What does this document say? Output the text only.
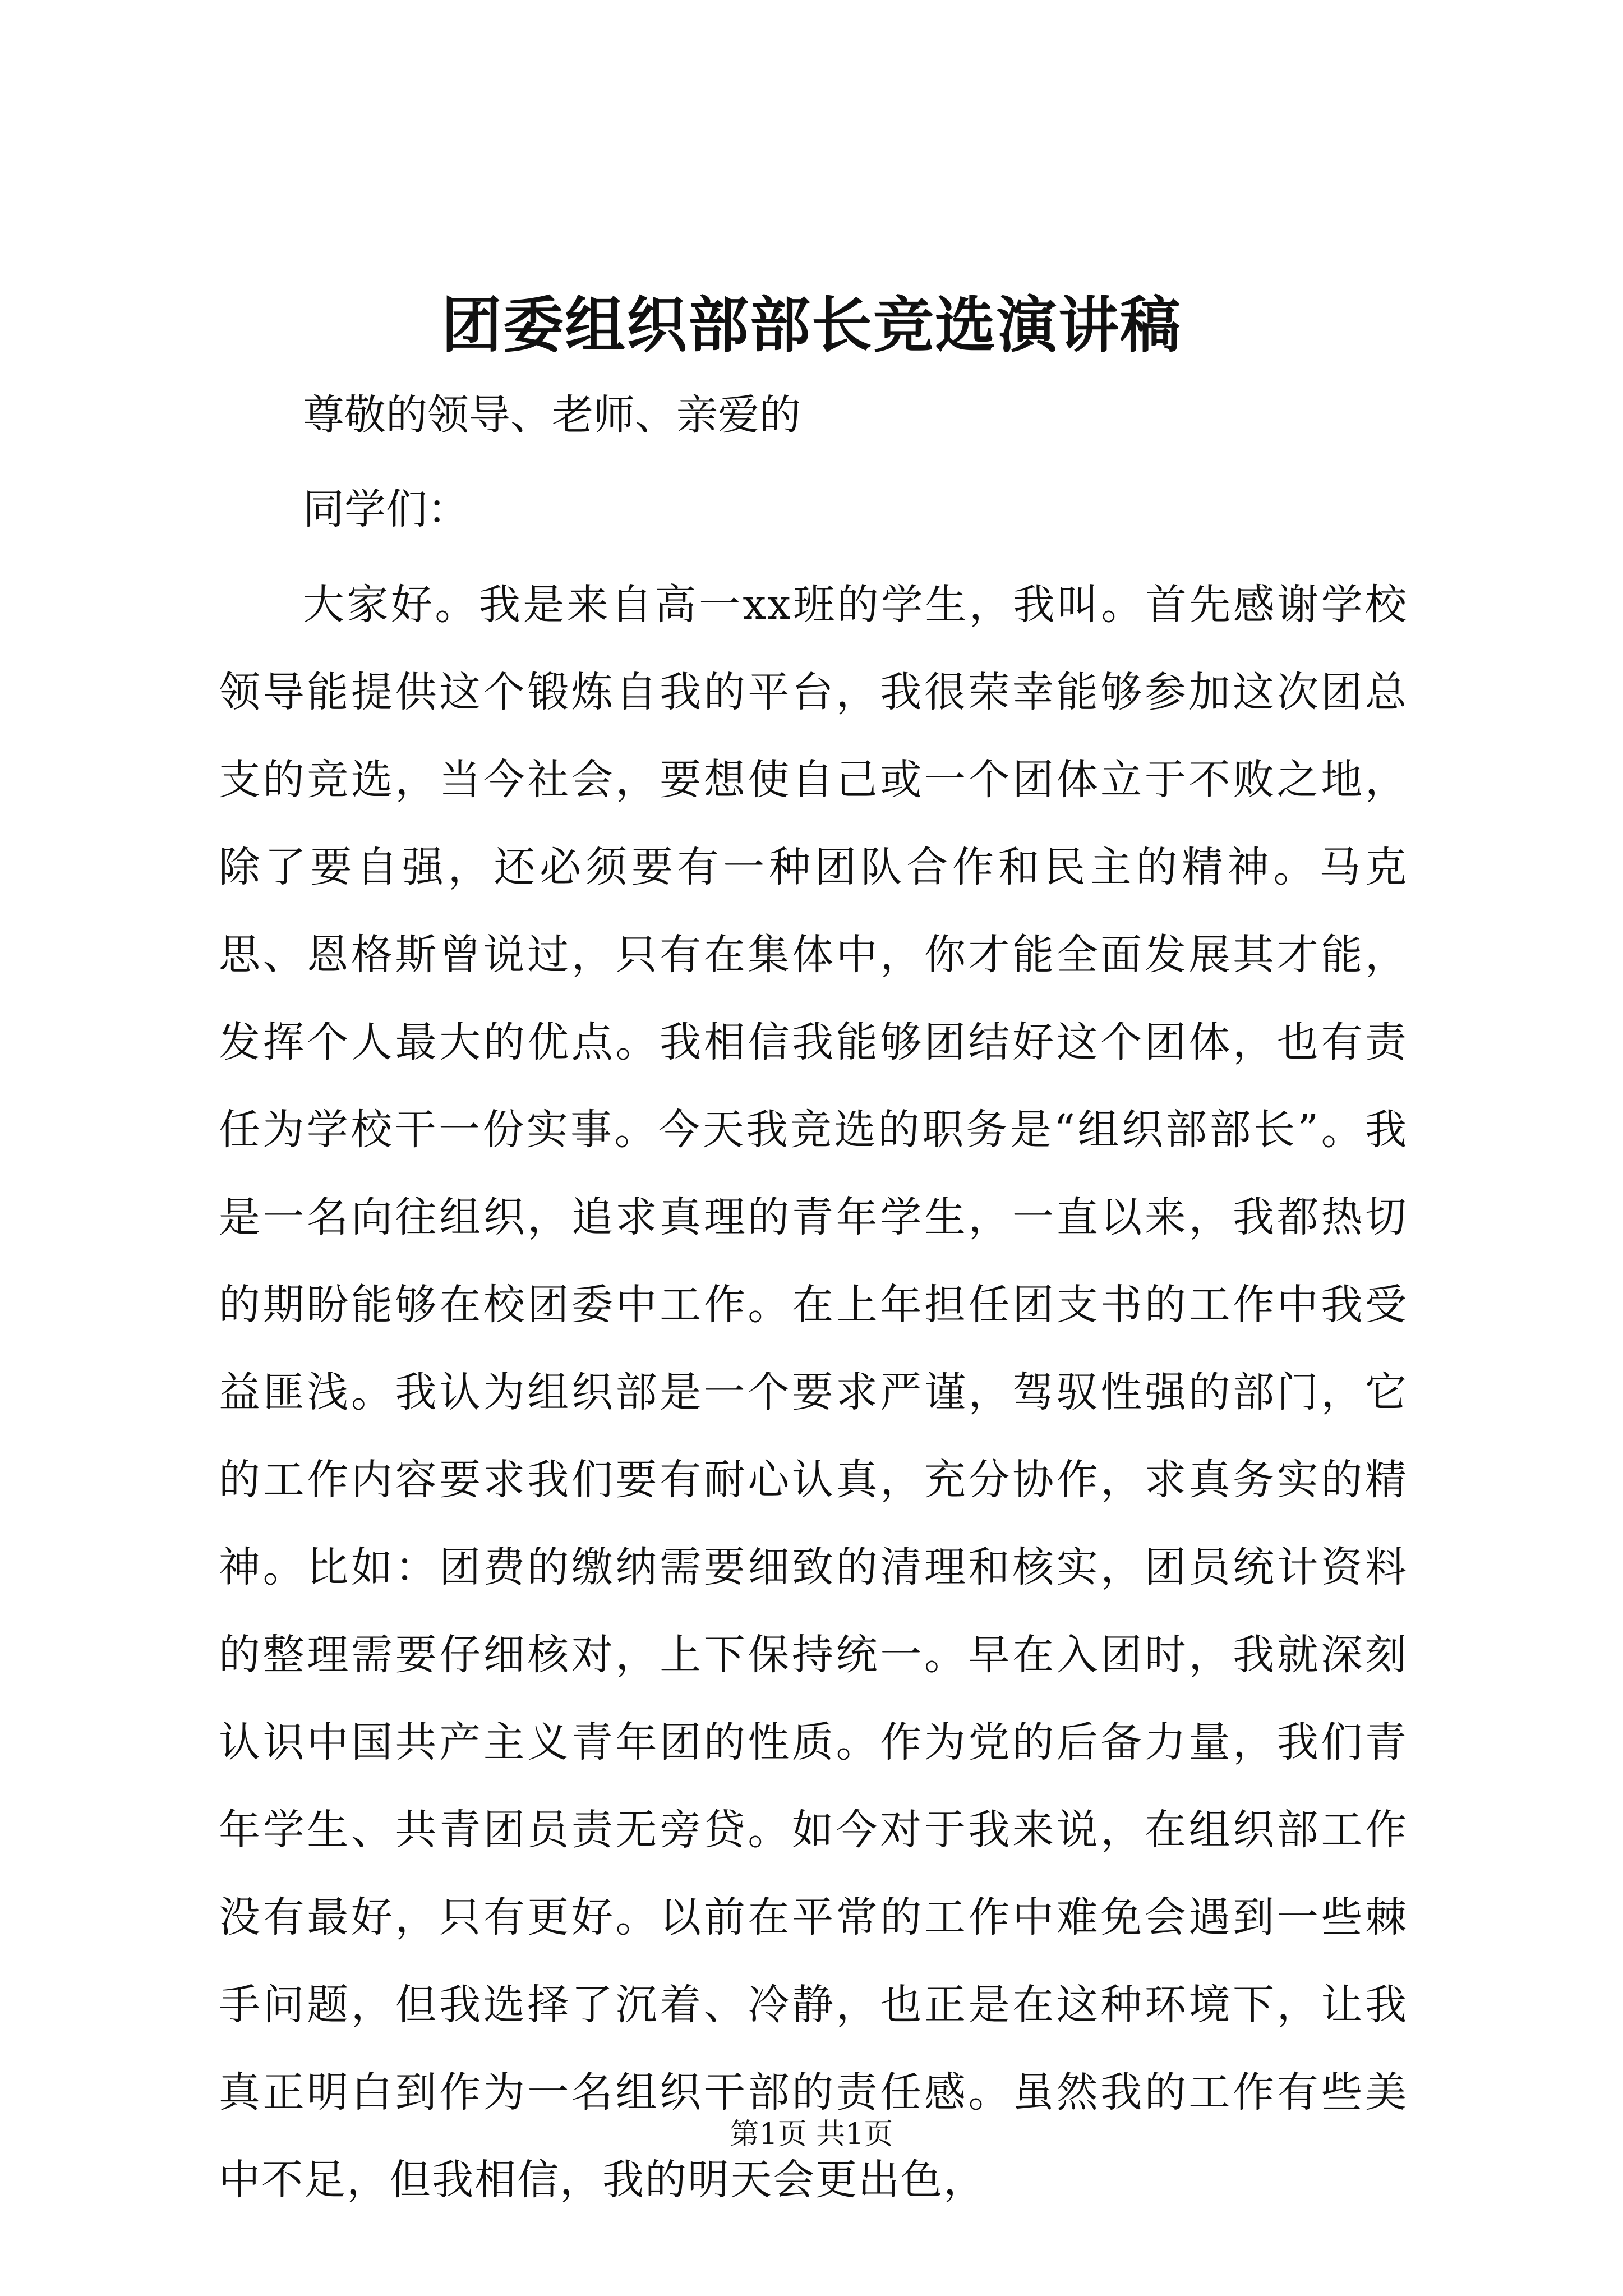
团委组织部部长竞选演讲稿

尊敬的领导、老师、亲爱的

同学们：

大家好。我是来自高一xx班的学生，我叫。首先感谢学校领导能提供这个锻炼自我的平台，我很荣幸能够参加这次团总支的竞选，当今社会，要想使自己或一个团体立于不败之地，除了要自强，还必须要有一种团队合作和民主的精神。马克思、恩格斯曾说过，只有在集体中，你才能全面发展其才能，发挥个人最大的优点。我相信我能够团结好这个团体，也有责任为学校干一份实事。今天我竞选的职务是“组织部部长”。我是一名向往组织，追求真理的青年学生，一直以来，我都热切的期盼能够在校团委中工作。在上年担任团支书的工作中我受益匪浅。我认为组织部是一个要求严谨，驾驭性强的部门，它的工作内容要求我们要有耐心认真，充分协作，求真务实的精神。比如：团费的缴纳需要细致的清理和核实，团员统计资料的整理需要仔细核对，上下保持统一。早在入团时，我就深刻认识中国共产主义青年团的性质。作为党的后备力量，我们青年学生、共青团员责无旁贷。如今对于我来说，在组织部工作没有最好，只有更好。以前在平常的工作中难免会遇到一些棘手问题，但我选择了沉着、冷静，也正是在这种环境下，让我真正明白到作为一名组织干部的责任感。虽然我的工作有些美中不足，但我相信，我的明天会更出色，

第1页 共1页
